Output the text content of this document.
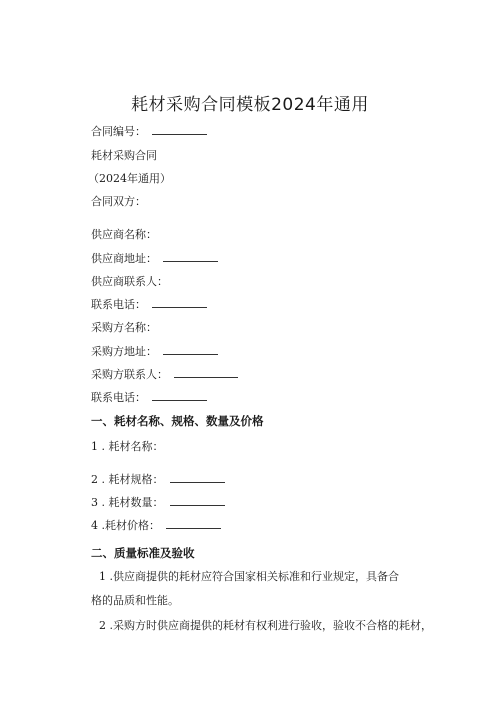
耗材采购合同模板2024年通用
合同编号：
耗材采购合同
（2024年通用）
合同双方：
供应商名称：
供应商地址：
供应商联系人：
联系电话：
采购方名称：
采购方地址：
采购方联系人：
联系电话：
一、耗材名称、规格、数量及价格
1 . 耗材名称：
2 . 耗材规格：
3 . 耗材数量：
4 .耗材价格：
二、质量标准及验收
1 .供应商提供的耗材应符合国家相关标准和行业规定，具备合格的品质和性能。
2 .采购方时供应商提供的耗材有权利进行验收，验收不合格的耗材，
